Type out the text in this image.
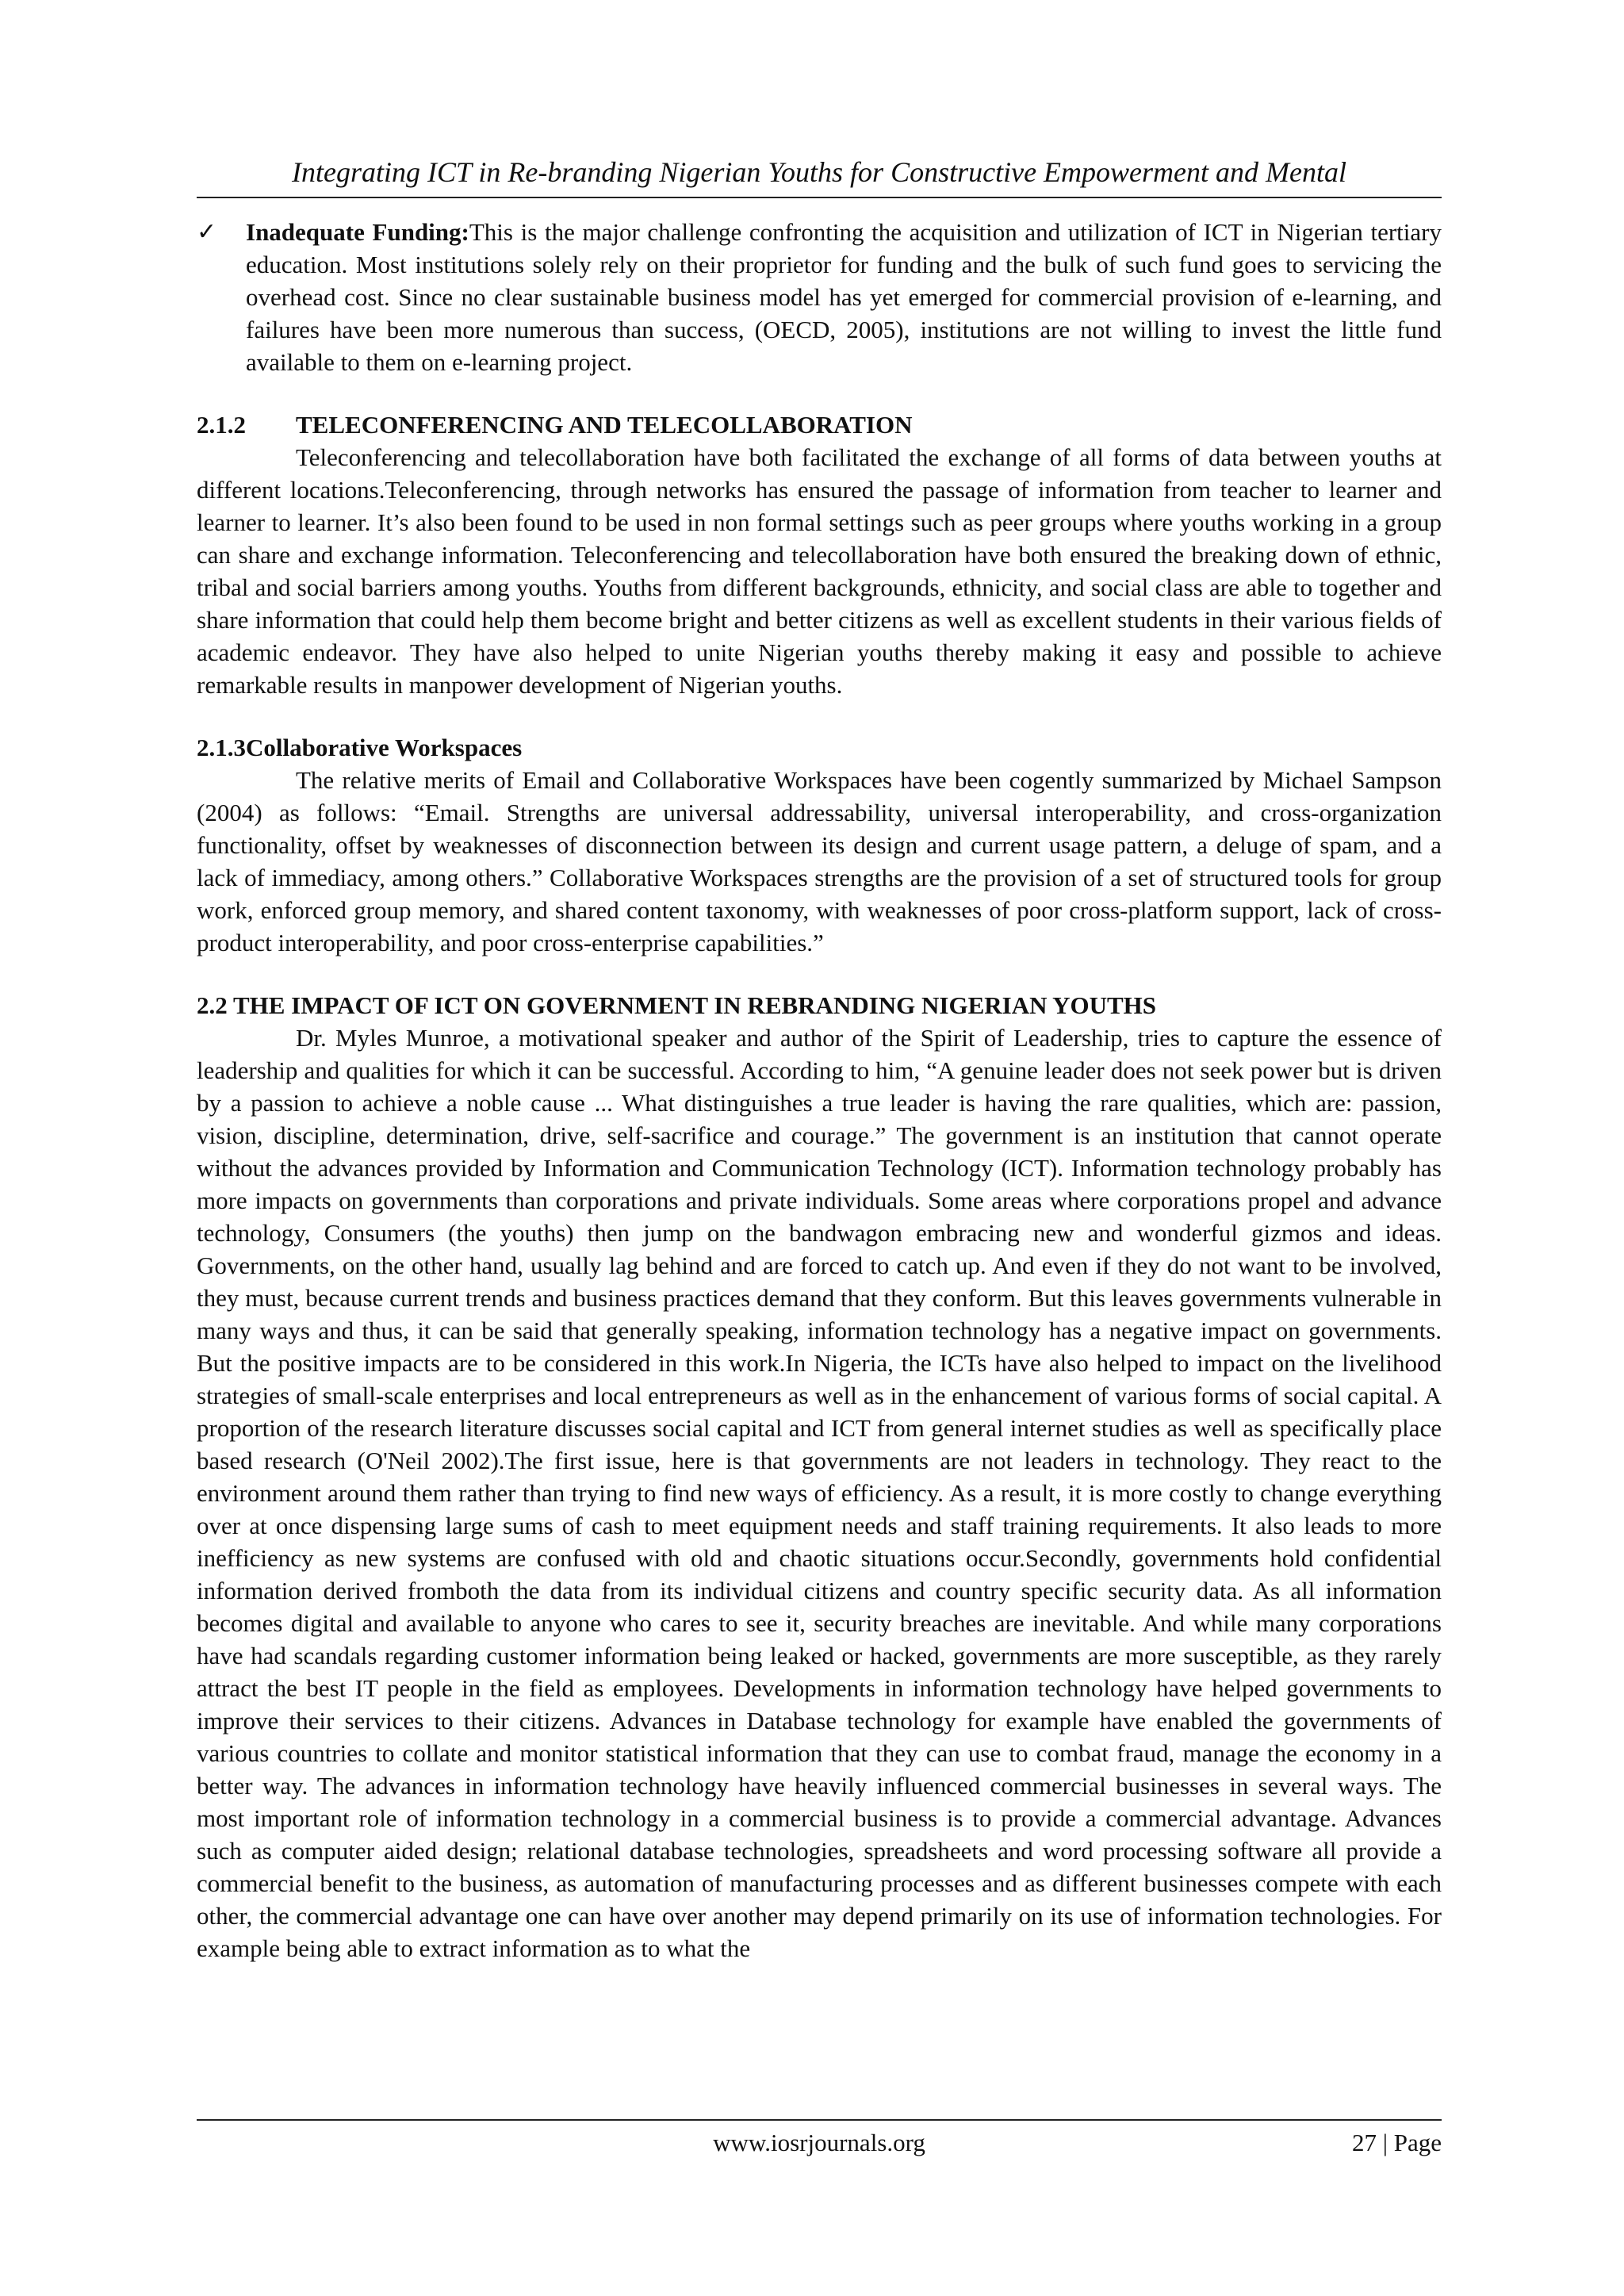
Integrating ICT in Re-branding Nigerian Youths for Constructive Empowerment and Mental

✓ Inadequate Funding:This is the major challenge confronting the acquisition and utilization of ICT in Nigerian tertiary education. Most institutions solely rely on their proprietor for funding and the bulk of such fund goes to servicing the overhead cost. Since no clear sustainable business model has yet emerged for commercial provision of e-learning, and failures have been more numerous than success, (OECD, 2005), institutions are not willing to invest the little fund available to them on e-learning project.

2.1.2 TELECONFERENCING AND TELECOLLABORATION

Teleconferencing and telecollaboration have both facilitated the exchange of all forms of data between youths at different locations.Teleconferencing, through networks has ensured the passage of information from teacher to learner and learner to learner. It’s also been found to be used in non formal settings such as peer groups where youths working in a group can share and exchange information. Teleconferencing and telecollaboration have both ensured the breaking down of ethnic, tribal and social barriers among youths. Youths from different backgrounds, ethnicity, and social class are able to together and share information that could help them become bright and better citizens as well as excellent students in their various fields of academic endeavor. They have also helped to unite Nigerian youths thereby making it easy and possible to achieve remarkable results in manpower development of Nigerian youths.

2.1.3Collaborative Workspaces

The relative merits of Email and Collaborative Workspaces have been cogently summarized by Michael Sampson (2004) as follows: “Email. Strengths are universal addressability, universal interoperability, and cross-organization functionality, offset by weaknesses of disconnection between its design and current usage pattern, a deluge of spam, and a lack of immediacy, among others.” Collaborative Workspaces strengths are the provision of a set of structured tools for group work, enforced group memory, and shared content taxonomy, with weaknesses of poor cross-platform support, lack of cross-product interoperability, and poor cross-enterprise capabilities.”

2.2 THE IMPACT OF ICT ON GOVERNMENT IN REBRANDING NIGERIAN YOUTHS

Dr. Myles Munroe, a motivational speaker and author of the Spirit of Leadership, tries to capture the essence of leadership and qualities for which it can be successful. According to him, “A genuine leader does not seek power but is driven by a passion to achieve a noble cause ... What distinguishes a true leader is having the rare qualities, which are: passion, vision, discipline, determination, drive, self-sacrifice and courage.” The government is an institution that cannot operate without the advances provided by Information and Communication Technology (ICT). Information technology probably has more impacts on governments than corporations and private individuals. Some areas where corporations propel and advance technology, Consumers (the youths) then jump on the bandwagon embracing new and wonderful gizmos and ideas. Governments, on the other hand, usually lag behind and are forced to catch up. And even if they do not want to be involved, they must, because current trends and business practices demand that they conform. But this leaves governments vulnerable in many ways and thus, it can be said that generally speaking, information technology has a negative impact on governments. But the positive impacts are to be considered in this work.In Nigeria, the ICTs have also helped to impact on the livelihood strategies of small-scale enterprises and local entrepreneurs as well as in the enhancement of various forms of social capital. A proportion of the research literature discusses social capital and ICT from general internet studies as well as specifically place based research (O'Neil 2002).The first issue, here is that governments are not leaders in technology. They react to the environment around them rather than trying to find new ways of efficiency. As a result, it is more costly to change everything over at once dispensing large sums of cash to meet equipment needs and staff training requirements. It also leads to more inefficiency as new systems are confused with old and chaotic situations occur.Secondly, governments hold confidential information derived fromboth the data from its individual citizens and country specific security data. As all information becomes digital and available to anyone who cares to see it, security breaches are inevitable. And while many corporations have had scandals regarding customer information being leaked or hacked, governments are more susceptible, as they rarely attract the best IT people in the field as employees. Developments in information technology have helped governments to improve their services to their citizens. Advances in Database technology for example have enabled the governments of various countries to collate and monitor statistical information that they can use to combat fraud, manage the economy in a better way. The advances in information technology have heavily influenced commercial businesses in several ways. The most important role of information technology in a commercial business is to provide a commercial advantage. Advances such as computer aided design; relational database technologies, spreadsheets and word processing software all provide a commercial benefit to the business, as automation of manufacturing processes and as different businesses compete with each other, the commercial advantage one can have over another may depend primarily on its use of information technologies. For example being able to extract information as to what the

www.iosrjournals.org	27 | Page
